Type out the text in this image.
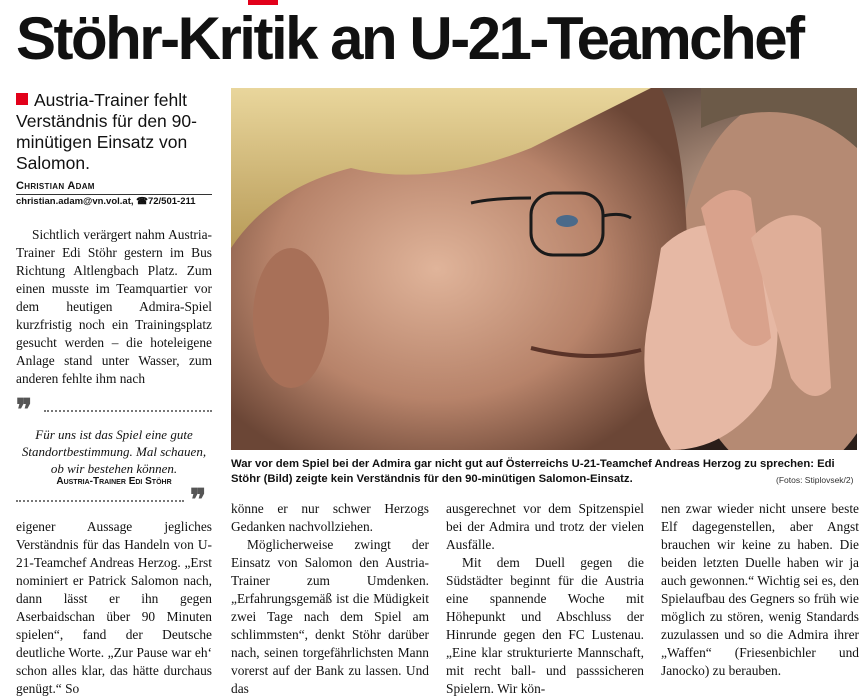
Stöhr-Kritik an U-21-Teamchef
Austria-Trainer fehlt Verständnis für den 90-minütigen Einsatz von Salomon.
Christian Adam
christian.adam@vn.vol.at, ☎72/501-211

Sichtlich verärgert nahm Austria-Trainer Edi Stöhr gestern im Bus Richtung Altlengbach Platz. Zum einen musste im Teamquartier vor dem heutigen Admira-Spiel kurzfristig noch ein Trainingsplatz gesucht werden – die hoteleigene Anlage stand unter Wasser, zum anderen fehlte ihm nach

❞
Für uns ist das Spiel eine gute Standortbestimmung. Mal schauen, ob wir bestehen können.
Austria-Trainer Edi Stöhr
❞

eigener Aussage jegliches Verständnis für das Handeln von U-21-Teamchef Andreas Herzog. „Erst nominiert er Patrick Salomon nach, dann lässt er ihn gegen Aserbaidschan über 90 Minuten spielen“, fand der Deutsche deutliche Worte. „Zur Pause war eh‘ schon alles klar, das hätte durchaus genügt.“ So

War vor dem Spiel bei der Admira gar nicht gut auf Österreichs U-21-Teamchef Andreas Herzog zu sprechen: Edi Stöhr (Bild) zeigte kein Verständnis für den 90-minütigen Salomon-Einsatz.	(Fotos: Stiplovsek/2)

könne er nur schwer Herzogs Gedanken nachvollziehen.

Möglicherweise zwingt der Einsatz von Salomon den Austria-Trainer zum Umdenken. „Erfahrungsgemäß ist die Müdigkeit zwei Tage nach dem Spiel am schlimmsten“, denkt Stöhr darüber nach, seinen torgefährlichsten Mann vorerst auf der Bank zu lassen. Und das

ausgerechnet vor dem Spitzenspiel bei der Admira und trotz der vielen Ausfälle.

Mit dem Duell gegen die Südstädter beginnt für die Austria eine spannende Woche mit Höhepunkt und Abschluss der Hinrunde gegen den FC Lustenau. „Eine klar strukturierte Mannschaft, mit recht ball- und passsicheren Spielern. Wir kön-

nen zwar wieder nicht unsere beste Elf dagegenstellen, aber Angst brauchen wir keine zu haben. Die beiden letzten Duelle haben wir ja auch gewonnen.“ Wichtig sei es, den Spielaufbau des Gegners so früh wie möglich zu stören, wenig Standards zuzulassen und so die Admira ihrer „Waffen“ (Friesenbichler und Janocko) zu berauben.
